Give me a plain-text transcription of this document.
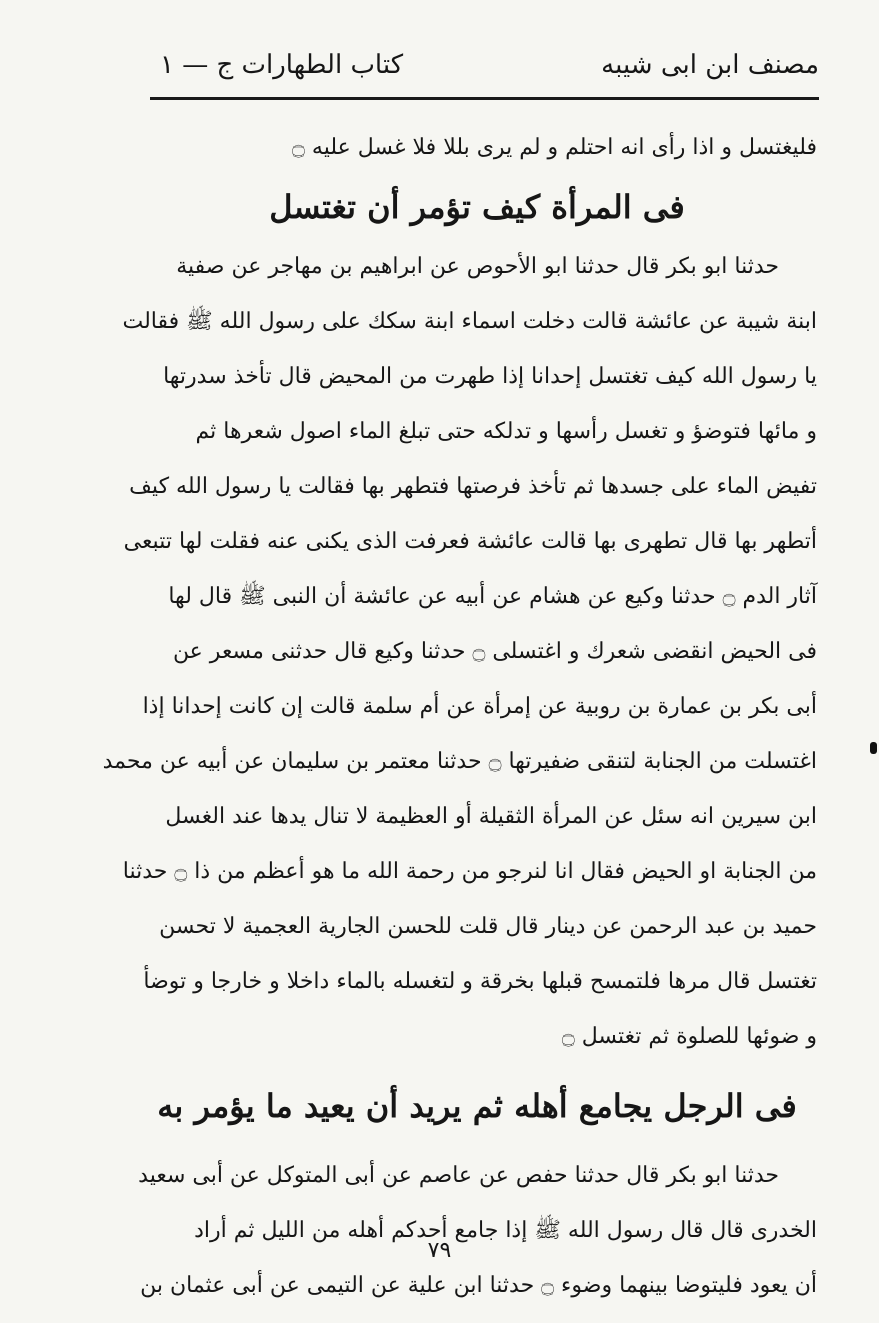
مصنف ابن ابى شيبه
كتاب الطهارات ج — ١
فليغتسل و اذا رأى انه احتلم و لم يرى بللا فلا غسل عليه ۝
فى المرأة كيف تؤمر أن تغتسل
حدثنا ابو بكر قال حدثنا ابو الأحوص عن ابراهيم بن مهاجر عن صفية
ابنة شيبة عن عائشة قالت دخلت اسماء ابنة سكك على رسول الله ﷺ فقالت
يا رسول الله كيف تغتسل إحدانا إذا طهرت من المحيض قال تأخذ سدرتها
و مائها فتوضؤ و تغسل رأسها و تدلكه حتى تبلغ الماء اصول شعرها ثم
تفيض الماء على جسدها ثم تأخذ فرصتها فتطهر بها فقالت يا رسول الله كيف
أتطهر بها قال تطهرى بها قالت عائشة فعرفت الذى يكنى عنه فقلت لها تتبعى
آثار الدم ۝ حدثنا وكيع عن هشام عن أبيه عن عائشة أن النبى ﷺ قال لها
فى الحيض انقضى شعرك و اغتسلى ۝ حدثنا وكيع قال حدثنى مسعر عن
أبى بكر بن عمارة بن روبية عن إمرأة عن أم سلمة قالت إن كانت إحدانا إذا
اغتسلت من الجنابة لتنقى ضفيرتها ۝ حدثنا معتمر بن سليمان عن أبيه عن محمد
ابن سيرين انه سئل عن المرأة الثقيلة أو العظيمة لا تنال يدها عند الغسل
من الجنابة او الحيض فقال انا لنرجو من رحمة الله ما هو أعظم من ذا ۝ حدثنا
حميد بن عبد الرحمن عن دينار قال قلت للحسن الجارية العجمية لا تحسن
تغتسل قال مرها فلتمسح قبلها بخرقة و لتغسله بالماء داخلا و خارجا و توضأ
و ضوئها للصلوة ثم تغتسل ۝
فى الرجل يجامع أهله ثم يريد أن يعيد ما يؤمر به
حدثنا ابو بكر قال حدثنا حفص عن عاصم عن أبى المتوكل عن أبى سعيد
الخدرى قال قال رسول الله ﷺ إذا جامع أحدكم أهله من الليل ثم أراد
أن يعود فليتوضا بينهما وضوء ۝ حدثنا ابن علية عن التيمى عن أبى عثمان بن
٧٩
